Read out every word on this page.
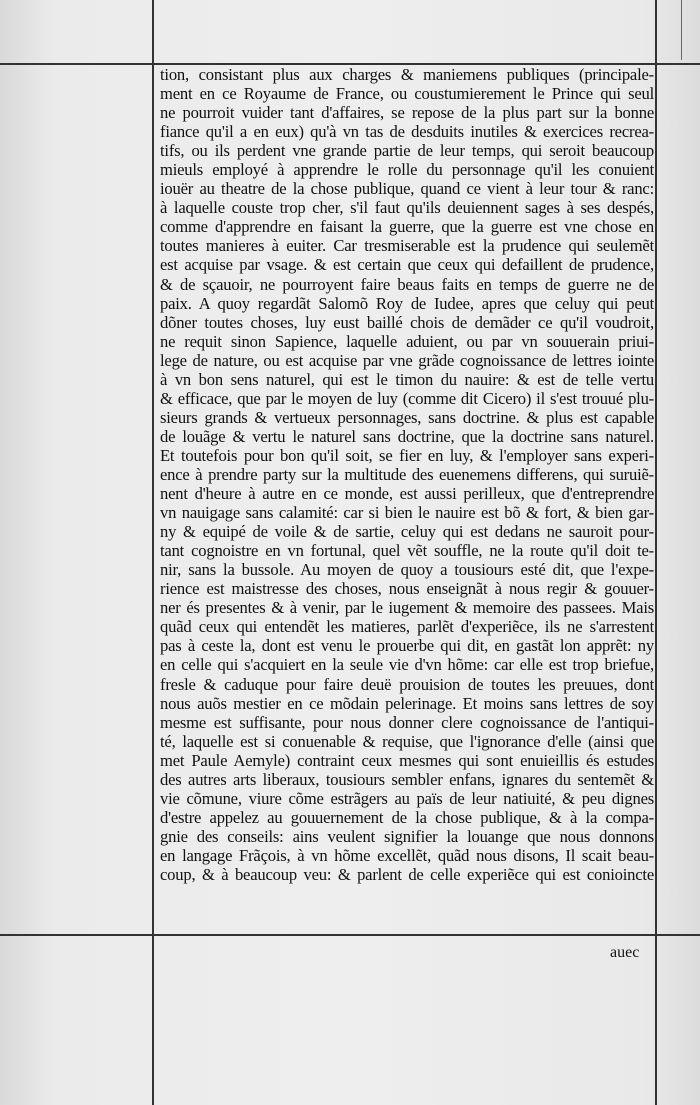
tion, consistant plus aux charges & maniemens publiques (principale-
ment en ce Royaume de France, ou coustumierement le Prince qui seul
ne pourroit vuider tant d'affaires, se repose de la plus part sur la bonne
fiance qu'il a en eux) qu'à vn tas de desduits inutiles & exercices recrea-
tifs, ou ils perdent vne grande partie de leur temps, qui seroit beaucoup
mieuls employé à apprendre le rolle du personnage qu'il les conuient
iouër au theatre de la chose publique, quand ce vient à leur tour & ranc:
à laquelle couste trop cher, s'il faut qu'ils deuiennent sages à ses despés,
comme d'apprendre en faisant la guerre, que la guerre est vne chose en
toutes manieres à euiter. Car tresmiserable est la prudence qui seulemẽt
est acquise par vsage. & est certain que ceux qui defaillent de prudence,
& de sçauoir, ne pourroyent faire beaus faits en temps de guerre ne de
paix. A quoy regardãt Salomõ Roy de Iudee, apres que celuy qui peut
dõner toutes choses, luy eust baillé chois de demãder ce qu'il voudroit,
ne requit sinon Sapience, laquelle aduient, ou par vn souuerain priui-
lege de nature, ou est acquise par vne grãde cognoissance de lettres iointe
à vn bon sens naturel, qui est le timon du nauire: & est de telle vertu
& efficace, que par le moyen de luy (comme dit Cicero) il s'est trouué plu-
sieurs grands & vertueux personnages, sans doctrine. & plus est capable
de louãge & vertu le naturel sans doctrine, que la doctrine sans naturel.
Et toutefois pour bon qu'il soit, se fier en luy, & l'employer sans experi-
ence à prendre party sur la multitude des euenemens differens, qui suruiẽ-
nent d'heure à autre en ce monde, est aussi perilleux, que d'entreprendre
vn nauigage sans calamité: car si bien le nauire est bõ & fort, & bien gar-
ny & equipé de voile & de sartie, celuy qui est dedans ne sauroit pour-
tant cognoistre en vn fortunal, quel vẽt souffle, ne la route qu'il doit te-
nir, sans la bussole. Au moyen de quoy a tousiours esté dit, que l'expe-
rience est maistresse des choses, nous enseignãt à nous regir & gouuer-
ner és presentes & à venir, par le iugement & memoire des passees. Mais
quãd ceux qui entendẽt les matieres, parlẽt d'experiẽce, ils ne s'arrestent
pas à ceste la, dont est venu le prouerbe qui dit, en gastãt lon apprẽt: ny
en celle qui s'acquiert en la seule vie d'vn hõme: car elle est trop briefue,
fresle & caduque pour faire deuë prouision de toutes les preuues, dont
nous auõs mestier en ce mõdain pelerinage. Et moins sans lettres de soy
mesme est suffisante, pour nous donner clere cognoissance de l'antiqui-
té, laquelle est si conuenable & requise, que l'ignorance d'elle (ainsi que
met Paule Aemyle) contraint ceux mesmes qui sont enuieillis és estudes
des autres arts liberaux, tousiours sembler enfans, ignares du sentemẽt &
vie cõmune, viure cõme estrãgers au païs de leur natiuité, & peu dignes
d'estre appelez au gouuernement de la chose publique, & à la compa-
gnie des conseils: ains veulent signifier la louange que nous donnons
en langage Frãçois, à vn hõme excellẽt, quãd nous disons, Il scait beau-
coup, & à beaucoup veu: & parlent de celle experiẽce qui est conioincte
auec
